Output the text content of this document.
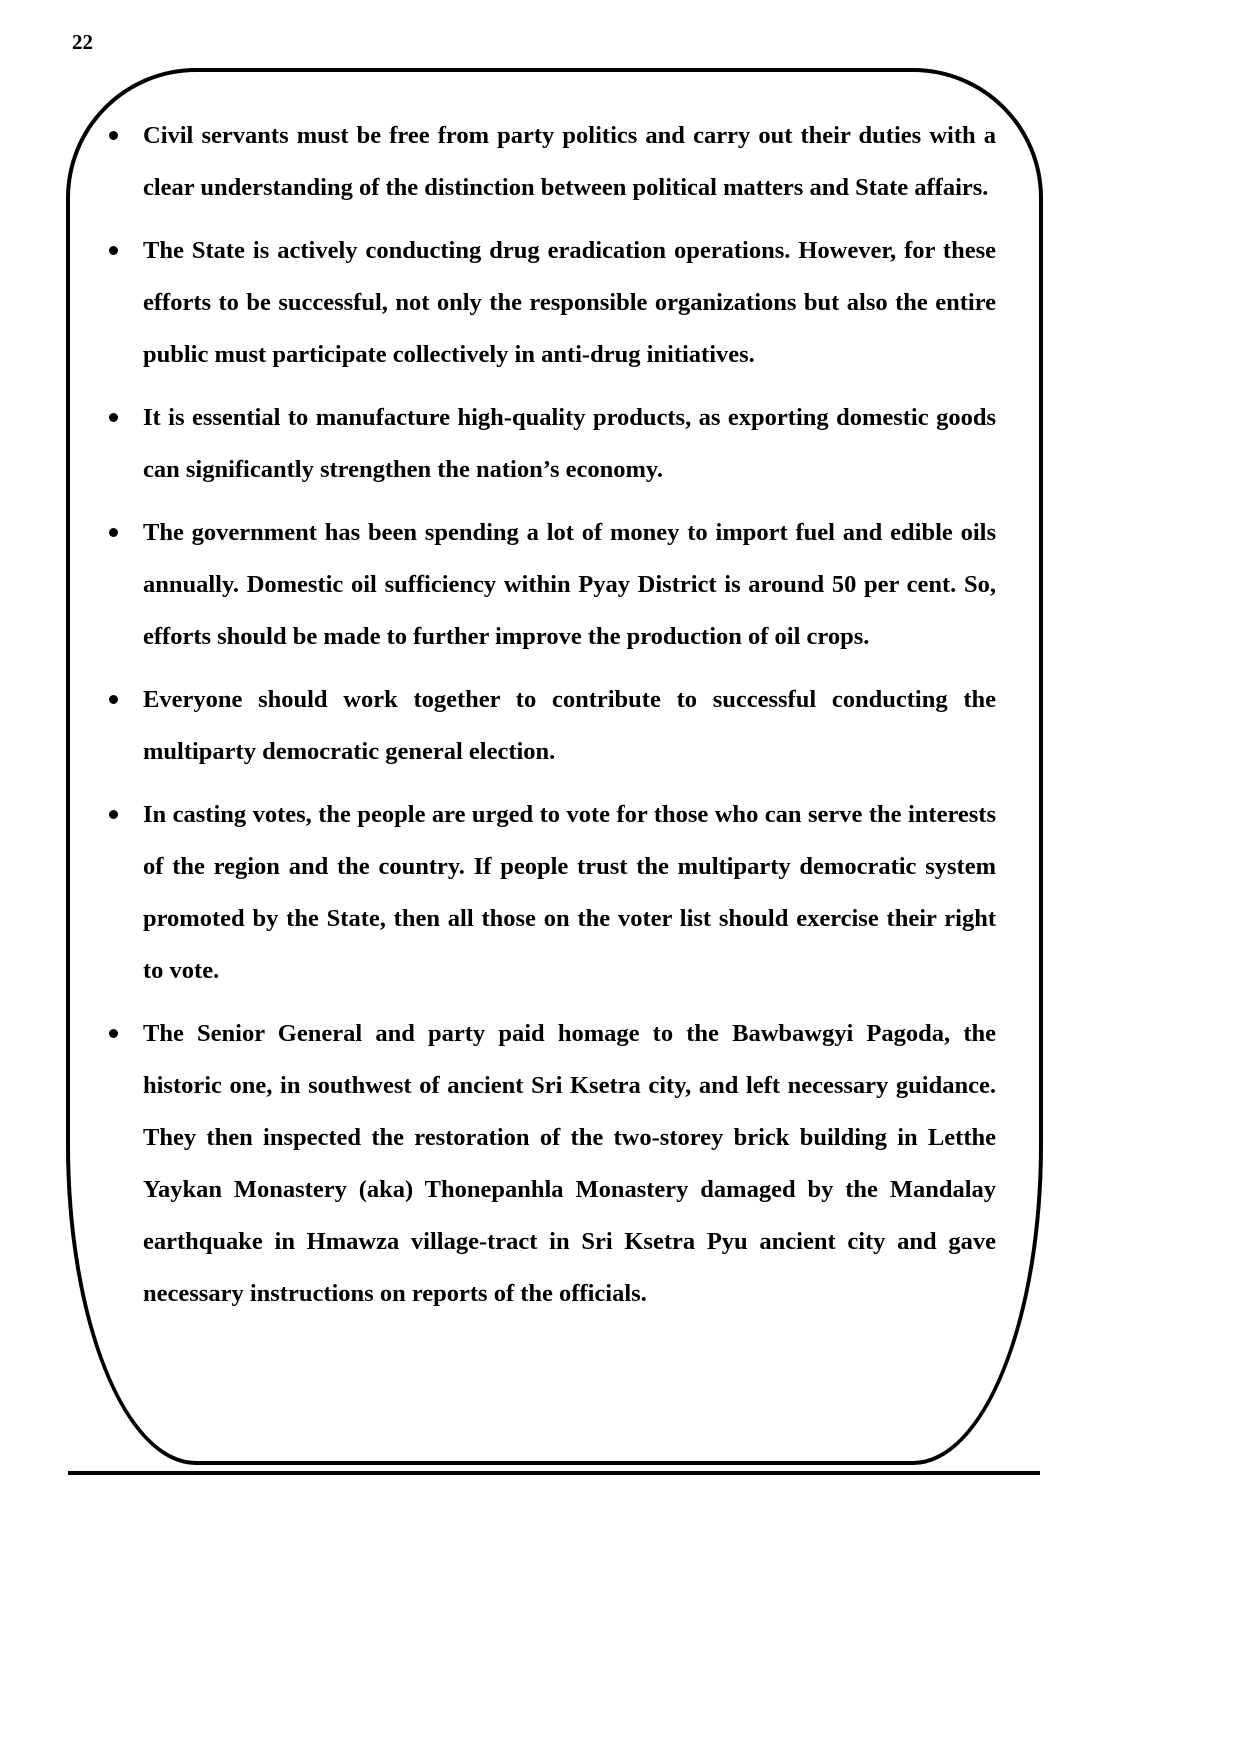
22
Civil servants must be free from party politics and carry out their duties with a clear understanding of the distinction between political matters and State affairs.
The State is actively conducting drug eradication operations. However, for these efforts to be successful, not only the responsible organizations but also the entire public must participate collectively in anti-drug initiatives.
It is essential to manufacture high-quality products, as exporting domestic goods can significantly strengthen the nation’s economy.
The government has been spending a lot of money to import fuel and edible oils annually. Domestic oil sufficiency within Pyay District is around 50 per cent. So, efforts should be made to further improve the production of oil crops.
Everyone should work together to contribute to successful conducting the multiparty democratic general election.
In casting votes, the people are urged to vote for those who can serve the interests of the region and the country. If people trust the multiparty democratic system promoted by the State, then all those on the voter list should exercise their right to vote.
The Senior General and party paid homage to the Bawbawgyi Pagoda, the historic one, in southwest of ancient Sri Ksetra city, and left necessary guidance. They then inspected the restoration of the two-storey brick building in Letthe Yaykan Monastery (aka) Thonepanhla Monastery damaged by the Mandalay earthquake in Hmawza village-tract in Sri Ksetra Pyu ancient city and gave necessary instructions on reports of the officials.
